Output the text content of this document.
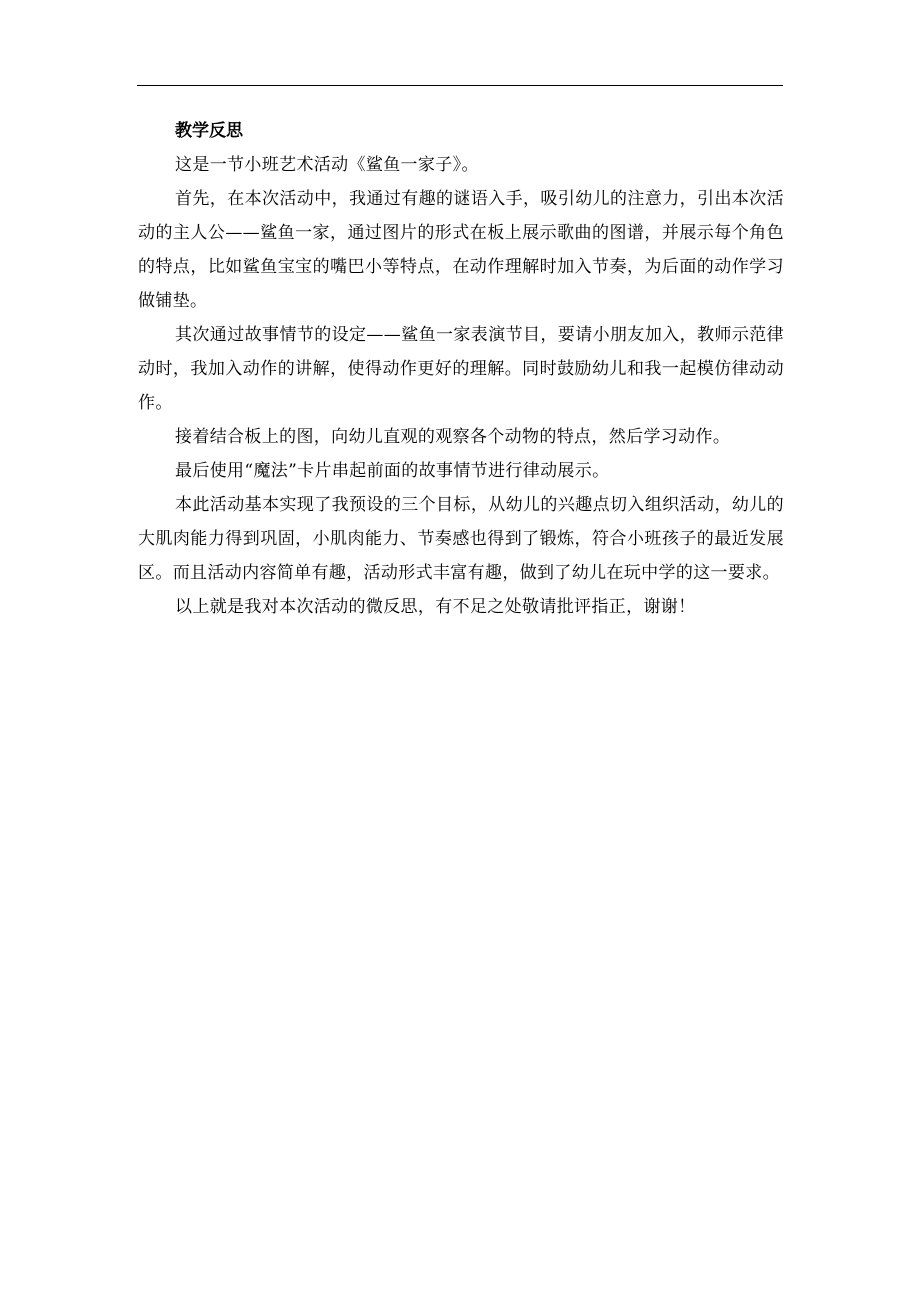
教学反思

这是一节小班艺术活动《鲨鱼一家子》。

首先，在本次活动中，我通过有趣的谜语入手，吸引幼儿的注意力，引出本次活动的主人公——鲨鱼一家，通过图片的形式在板上展示歌曲的图谱，并展示每个角色的特点，比如鲨鱼宝宝的嘴巴小等特点，在动作理解时加入节奏，为后面的动作学习做铺垫。

其次通过故事情节的设定——鲨鱼一家表演节目，要请小朋友加入，教师示范律动时，我加入动作的讲解，使得动作更好的理解。同时鼓励幼儿和我一起模仿律动动作。

接着结合板上的图，向幼儿直观的观察各个动物的特点，然后学习动作。

最后使用“魔法”卡片串起前面的故事情节进行律动展示。

本此活动基本实现了我预设的三个目标，从幼儿的兴趣点切入组织活动，幼儿的大肌肉能力得到巩固，小肌肉能力、节奏感也得到了锻炼，符合小班孩子的最近发展区。而且活动内容简单有趣，活动形式丰富有趣，做到了幼儿在玩中学的这一要求。

以上就是我对本次活动的微反思，有不足之处敬请批评指正，谢谢！
